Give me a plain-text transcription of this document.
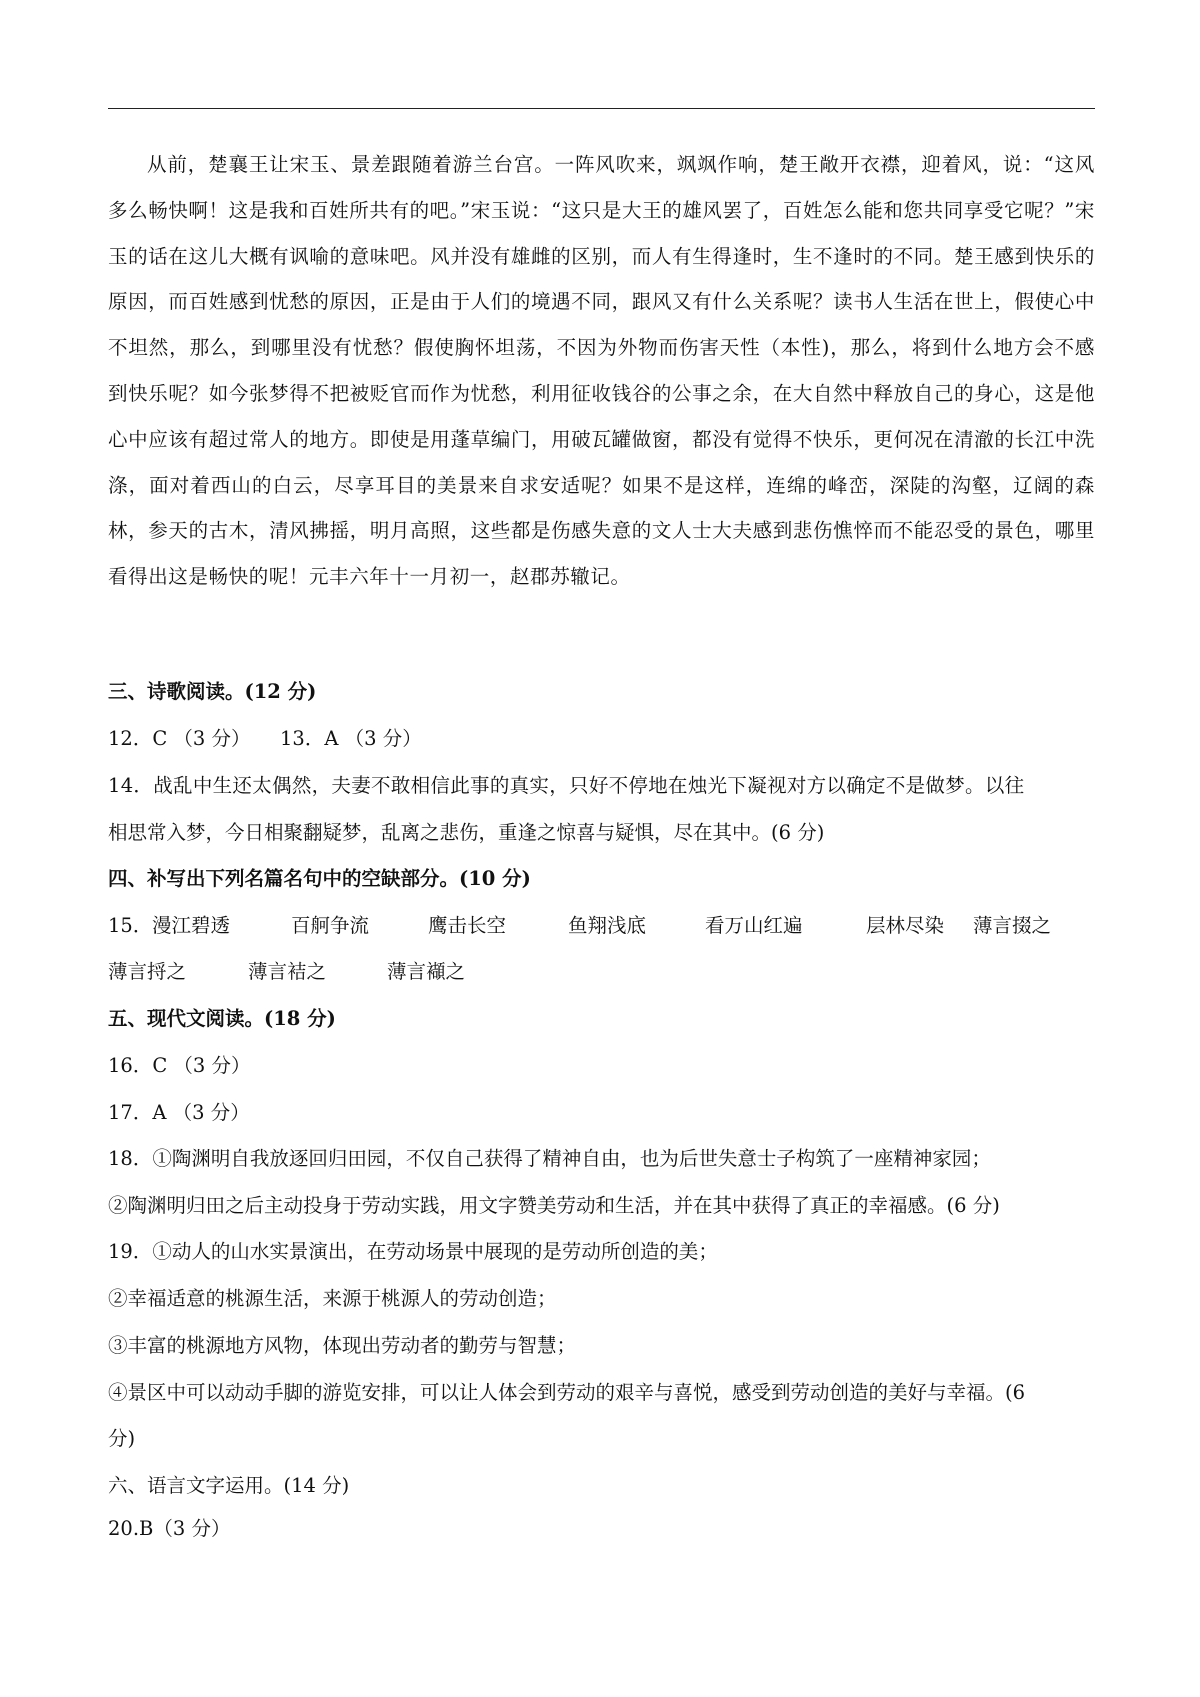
从前，楚襄王让宋玉、景差跟随着游兰台宫。一阵风吹来，飒飒作响，楚王敞开衣襟，迎着风，说：“这风多么畅快啊！这是我和百姓所共有的吧。”宋玉说：“这只是大王的雄风罢了，百姓怎么能和您共同享受它呢？”宋玉的话在这儿大概有讽喻的意味吧。风并没有雄雌的区别，而人有生得逢时，生不逢时的不同。楚王感到快乐的原因，而百姓感到忧愁的原因，正是由于人们的境遇不同，跟风又有什么关系呢？读书人生活在世上，假使心中不坦然，那么，到哪里没有忧愁？假使胸怀坦荡，不因为外物而伤害天性（本性)，那么，将到什么地方会不感到快乐呢？如今张梦得不把被贬官而作为忧愁，利用征收钱谷的公事之余，在大自然中释放自己的身心，这是他心中应该有超过常人的地方。即使是用蓬草编门，用破瓦罐做窗，都没有觉得不快乐，更何况在清澈的长江中洗涤，面对着西山的白云，尽享耳目的美景来自求安适呢？如果不是这样，连绵的峰峦，深陡的沟壑，辽阔的森林，参天的古木，清风拂摇，明月高照，这些都是伤感失意的文人士大夫感到悲伤憔悴而不能忍受的景色，哪里看得出这是畅快的呢！元丰六年十一月初一，赵郡苏辙记。
三、诗歌阅读。(12 分)
12．C （3 分） 13．A （3 分）
14．战乱中生还太偶然，夫妻不敢相信此事的真实，只好不停地在烛光下凝视对方以确定不是做梦。以往
相思常入梦，今日相聚翻疑梦，乱离之悲伤，重逢之惊喜与疑惧，尽在其中。(6 分)
四、补写出下列名篇名句中的空缺部分。(10 分)
15． 漫江碧透	百舸争流	鹰击长空	鱼翔浅底	看万山红遍	层林尽染 薄言掇之
薄言捋之	薄言袺之	薄言襭之
五、现代文阅读。(18 分)
16．C （3 分）
17．A （3 分）
18．①陶渊明自我放逐回归田园，不仅自己获得了精神自由，也为后世失意士子构筑了一座精神家园；
②陶渊明归田之后主动投身于劳动实践，用文字赞美劳动和生活，并在其中获得了真正的幸福感。(6 分)
19．①动人的山水实景演出，在劳动场景中展现的是劳动所创造的美；
②幸福适意的桃源生活，来源于桃源人的劳动创造；
③丰富的桃源地方风物，体现出劳动者的勤劳与智慧；
④景区中可以动动手脚的游览安排，可以让人体会到劳动的艰辛与喜悦，感受到劳动创造的美好与幸福。(6
分)
六、语言文字运用。(14 分)
20.B（3 分）
